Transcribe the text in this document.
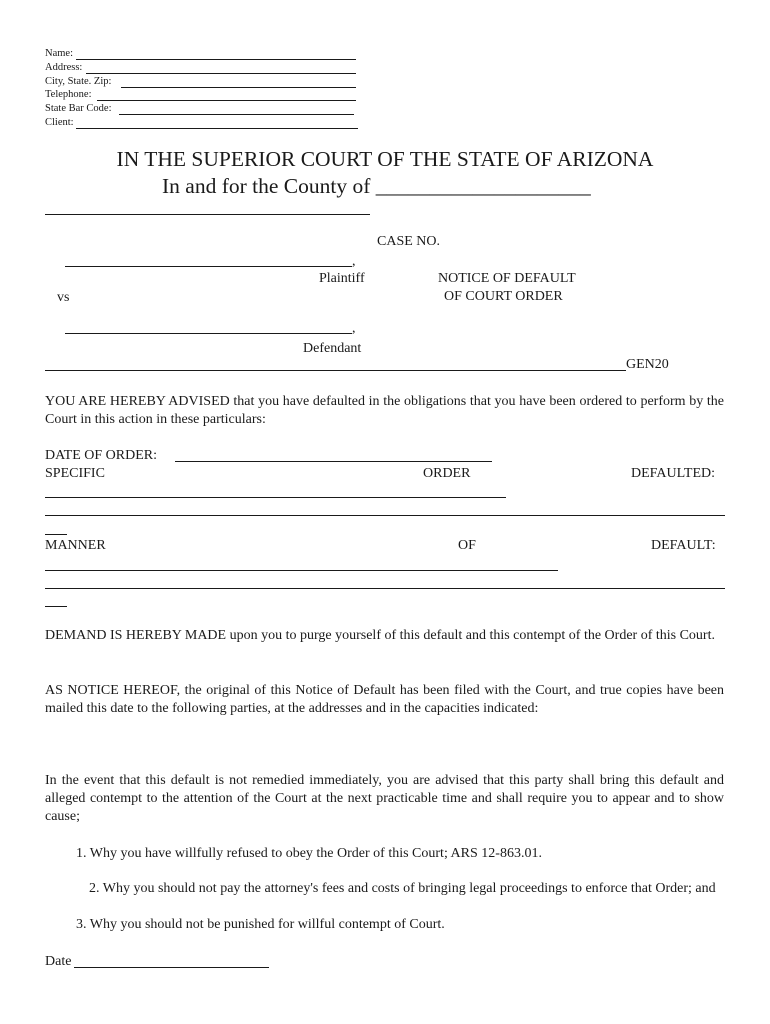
Name:
Address:
City, State. Zip:
Telephone:
State Bar Code:
Client:
IN THE SUPERIOR COURT OF THE STATE OF ARIZONA
In and for the County of ____________________
CASE NO.
,
Plaintiff	NOTICE OF DEFAULT
OF COURT ORDER
vs
,
Defendant
GEN20
YOU ARE HEREBY ADVISED that you have defaulted in the obligations that you have been ordered to perform by the Court in this action in these particulars:
DATE OF ORDER:
SPECIFIC	ORDER	DEFAULTED:
MANNER	OF	DEFAULT:
DEMAND IS HEREBY MADE upon you to purge yourself of this default and this contempt of the Order of this Court.
AS NOTICE HEREOF, the original of this Notice of Default has been filed with the Court, and true copies have been mailed this date to the following parties, at the addresses and in the capacities indicated:
In the event that this default is not remedied immediately, you are advised that this party shall bring this default and alleged contempt to the attention of the Court at the next practicable time and shall require you to appear and to show cause;
1. Why you have willfully refused to obey the Order of this Court; ARS 12-863.01.
2. Why you should not pay the attorney's fees and costs of bringing legal proceedings to enforce that Order; and
3. Why you should not be punished for willful contempt of Court.
Date
